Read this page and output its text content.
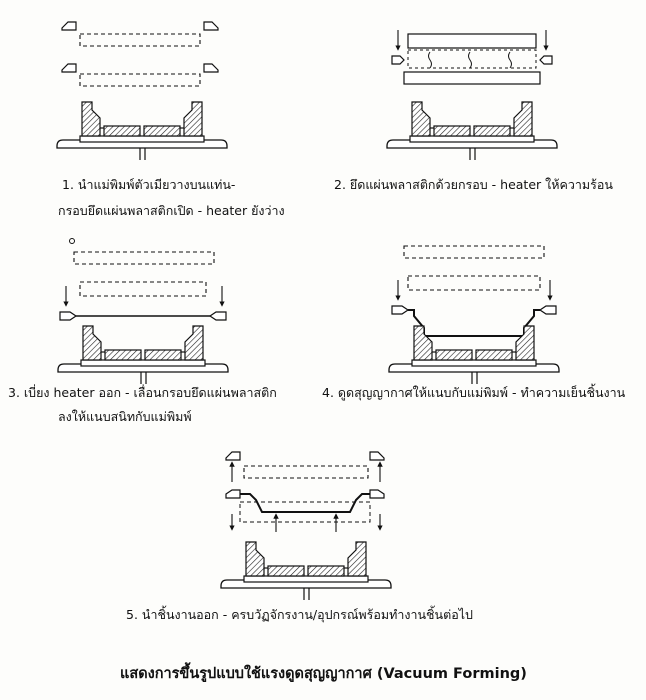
1. นำแม่พิมพ์ตัวเมียวางบนแท่น-
กรอบยึดแผ่นพลาสติกเปิด - heater ยังว่าง
2. ยึดแผ่นพลาสติกด้วยกรอบ - heater ให้ความร้อน
3. เบี่ยง heater ออก - เลื่อนกรอบยึดแผ่นพลาสติก
ลงให้แนบสนิทกับแม่พิมพ์
4. ดูดสุญญากาศให้แนบกับแม่พิมพ์ - ทำความเย็นชิ้นงาน
5. นำชิ้นงานออก - ครบวัฏจักรงาน/อุปกรณ์พร้อมทำงานชิ้นต่อไป
แสดงการขึ้นรูปแบบใช้แรงดูดสุญญากาศ (Vacuum Forming)
